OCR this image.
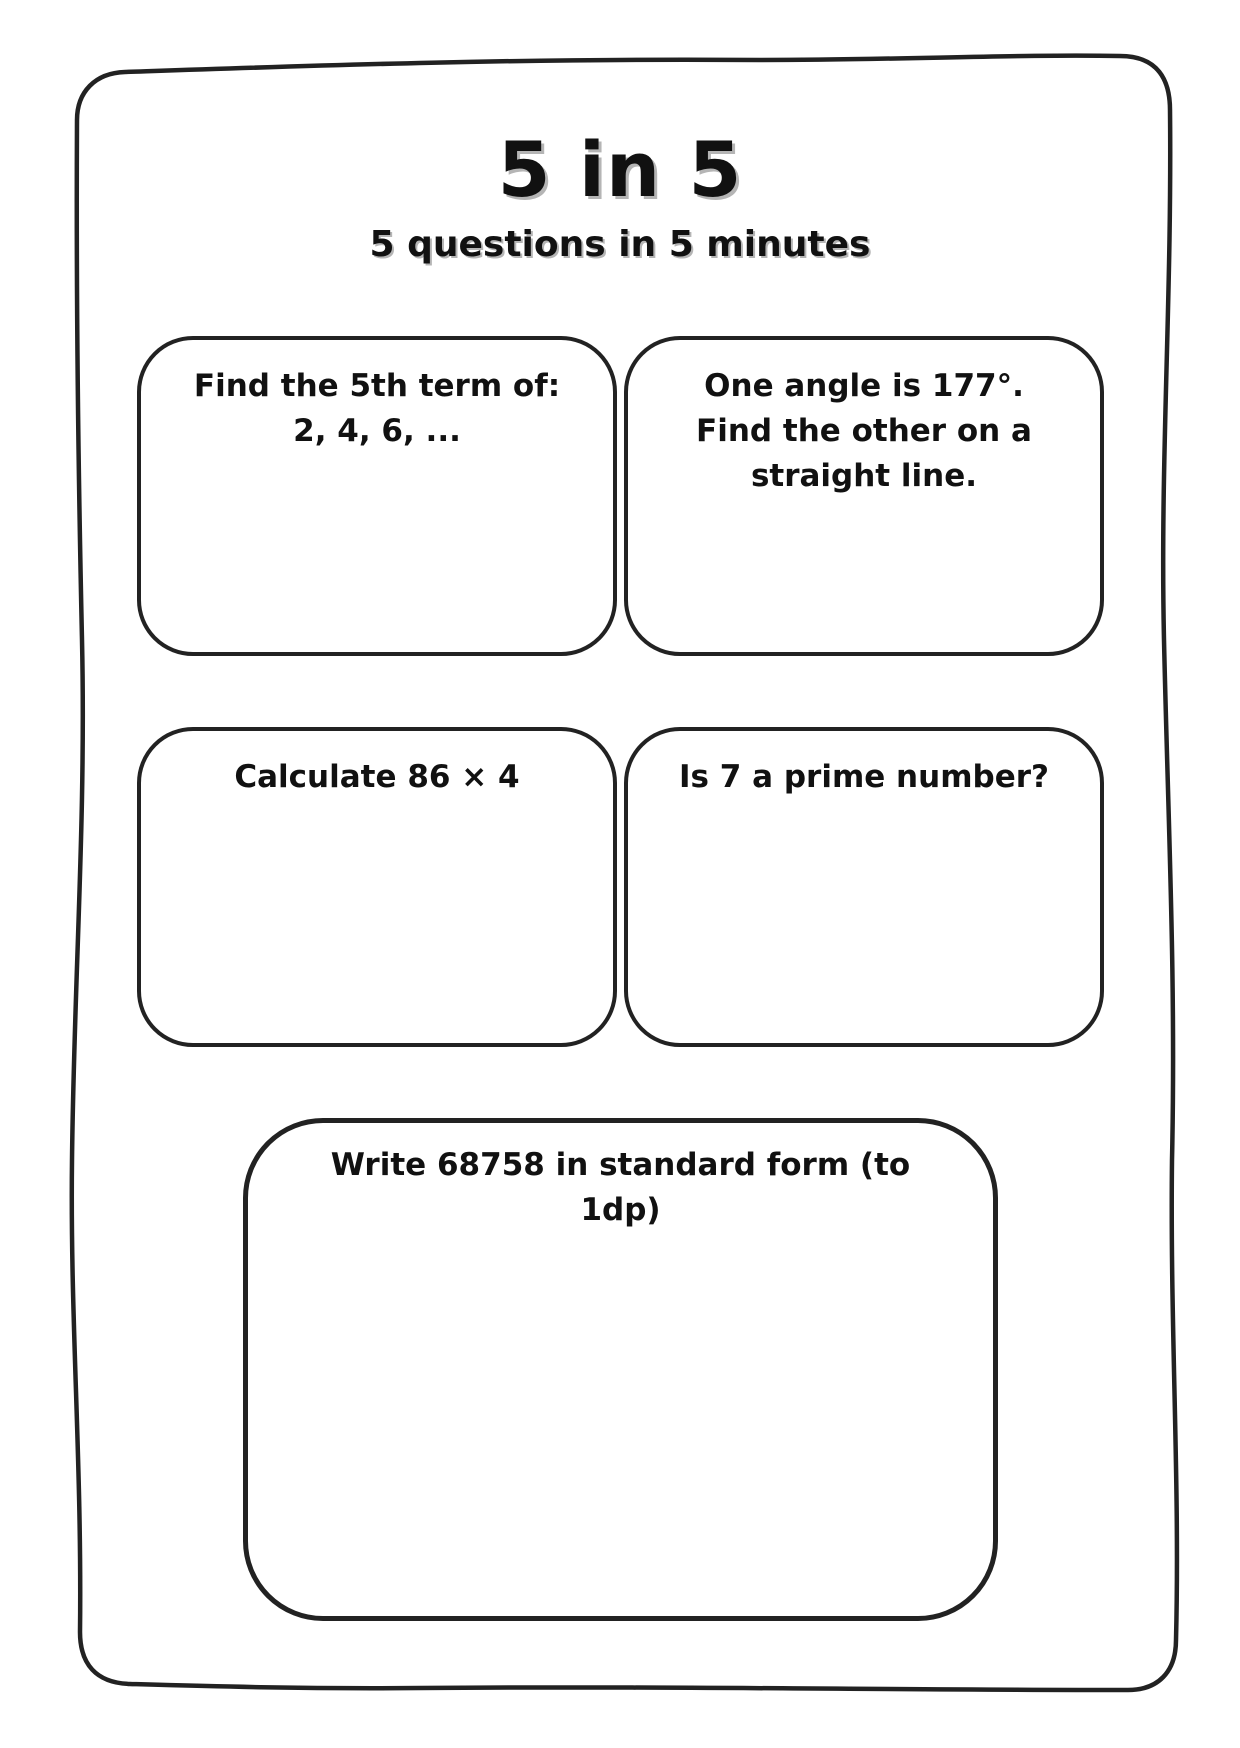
5 in 5
5 questions in 5 minutes

Find the 5th term of:
2, 4, 6, ...

One angle is 177°.
Find the other on a
straight line.

Calculate 86 × 4	Is 7 a prime number?

Write 68758 in standard form (to
1dp)
